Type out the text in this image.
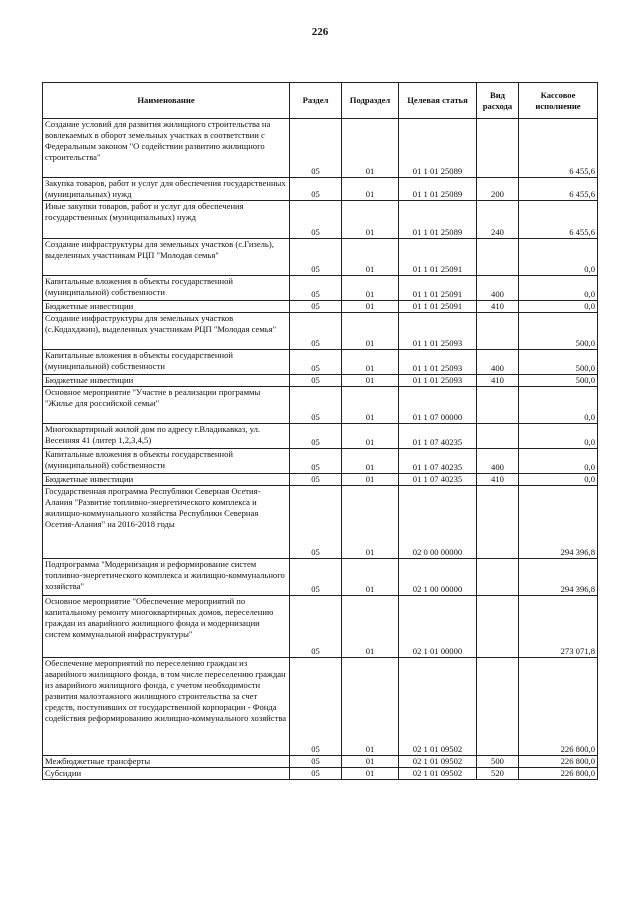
226
Наименование	Раздел	Подраздел	Целевая статья	Вид расхода	Кассовое исполнение
Создание условий для развития жилищного строительства на вовлекаемых в оборот земельных участках в соответствии с Федеральным законом "О содействии развитию жилищного строительства"	05	01	01 1 01 25089		6 455,6
Закупка товаров, работ и услуг для обеспечения государственных (муниципальных) нужд	05	01	01 1 01 25089	200	6 455,6
Иные закупки товаров, работ и услуг для обеспечения государственных (муниципальных) нужд	05	01	01 1 01 25089	240	6 455,6
Создание инфраструктуры для земельных участков (с.Гизель), выделенных участникам РЦП "Молодая семья"	05	01	01 1 01 25091		0,0
Капитальные вложения в объекты государственной (муниципальной) собственности	05	01	01 1 01 25091	400	0,0
Бюджетные инвестиции	05	01	01 1 01 25091	410	0,0
Создание инфраструктуры для земельных участков (с.Кодахджин), выделенных участникам РЦП "Молодая семья"	05	01	01 1 01 25093		500,0
Капитальные вложения в объекты государственной (муниципальной) собственности	05	01	01 1 01 25093	400	500,0
Бюджетные инвестиции	05	01	01 1 01 25093	410	500,0
Основное мероприятие "Участие в реализации программы "Жилье для российской семьи"	05	01	01 1 07 00000		0,0
Многоквартирный жилой дом по адресу г.Владикавказ, ул. Весенняя 41 (литер 1,2,3,4,5)	05	01	01 1 07 40235		0,0
Капитальные вложения в объекты государственной (муниципальной) собственности	05	01	01 1 07 40235	400	0,0
Бюджетные инвестиции	05	01	01 1 07 40235	410	0,0
Государственная программа Республики Северная Осетия-Алания "Развитие топливно-энергетического комплекса и жилищно-коммунального хозяйства Республики Северная Осетия-Алания" на 2016-2018 годы	05	01	02 0 00 00000		294 396,8
Подпрограмма "Модернизация и реформирование систем топливно-энергетического комплекса и жилищно-коммунального хозяйства"	05	01	02 1 00 00000		294 396,8
Основное мероприятие "Обеспечение мероприятий по капитальному ремонту многоквартирных домов, переселению граждан из аварийного жилищного фонда и модернизации систем коммунальной инфраструктуры"	05	01	02 1 01 00000		273 071,8
Обеспечение мероприятий по переселению граждан из аварийного жилищного фонда, в том числе переселению граждан из аварийного жилищного фонда, с учетом необходимости развития малоэтажного жилищного строительства за счет средств, поступивших от государственной корпорации - Фонда содействия реформированию жилищно-коммунального хозяйства	05	01	02 1 01 09502		226 800,0
Межбюджетные трансферты	05	01	02 1 01 09502	500	226 800,0
Субсидии	05	01	02 1 01 09502	520	226 800,0
